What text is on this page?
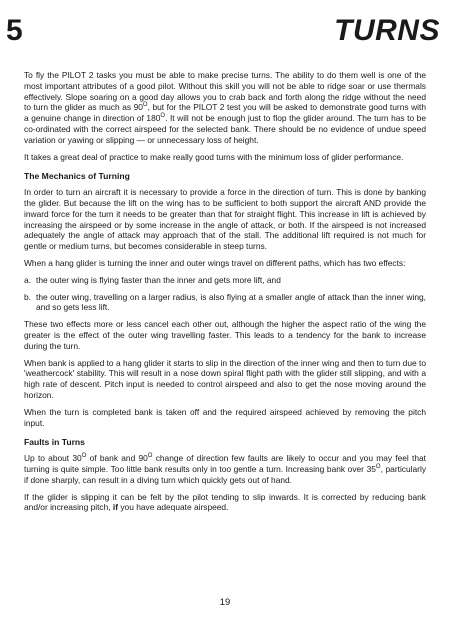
5	TURNS

To fly the PILOT 2 tasks you must be able to make precise turns. The ability to do them well is one of the most important attributes of a good pilot. Without this skill you will not be able to ridge soar or use thermals effectively. Slope soaring on a good day allows you to crab back and forth along the ridge without the need to turn the glider as much as $90^O$, but for the PILOT 2 test you will be asked to demonstrate good turns with a genuine change in direction of $180^O$. It will not be enough just to flop the glider around. The turn has to be co-ordinated with the correct airspeed for the selected bank. There should be no evidence of undue speed variation or yawing or slipping — or unnecessary loss of height.

It takes a great deal of practice to make really good turns with the minimum loss of glider performance.

The Mechanics of Turning

In order to turn an aircraft it is necessary to provide a force in the direction of turn. This is done by banking the glider. But because the lift on the wing has to be sufficient to both support the aircraft AND provide the inward force for the turn it needs to be greater than that for straight flight. This increase in lift is achieved by increasing the airspeed or by some increase in the angle of attack, or both. If the airspeed is not increased adequately the angle of attack may approach that of the stall. The additional lift required is not much for gentle or medium turns, but becomes considerable in steep turns.

When a hang glider is turning the inner and outer wings travel on different paths, which has two effects:

a. the outer wing is flying faster than the inner and gets more lift, and
b. the outer wing, travelling on a larger radius, is also flying at a smaller angle of attack than the inner wing, and so gets less lift.

These two effects more or less cancel each other out, although the higher the aspect ratio of the wing the greater is the effect of the outer wing travelling faster. This leads to a tendency for the bank to increase during the turn.

When bank is applied to a hang glider it starts to slip in the direction of the inner wing and then to turn due to 'weathercock' stability. This will result in a nose down spiral flight path with the glider still slipping, and with a high rate of descent. Pitch input is needed to control airspeed and also to get the nose moving around the horizon.

When the turn is completed bank is taken off and the required airspeed achieved by removing the pitch input.

Faults in Turns

Up to about $30^O$ of bank and $90^O$ change of direction few faults are likely to occur and you may feel that turning is quite simple. Too little bank results only in too gentle a turn. Increasing bank over $35^O$, particularly if done sharply, can result in a diving turn which quickly gets out of hand.

If the glider is slipping it can be felt by the pilot tending to slip inwards. It is corrected by reducing bank and/or increasing pitch, if you have adequate airspeed.

19
